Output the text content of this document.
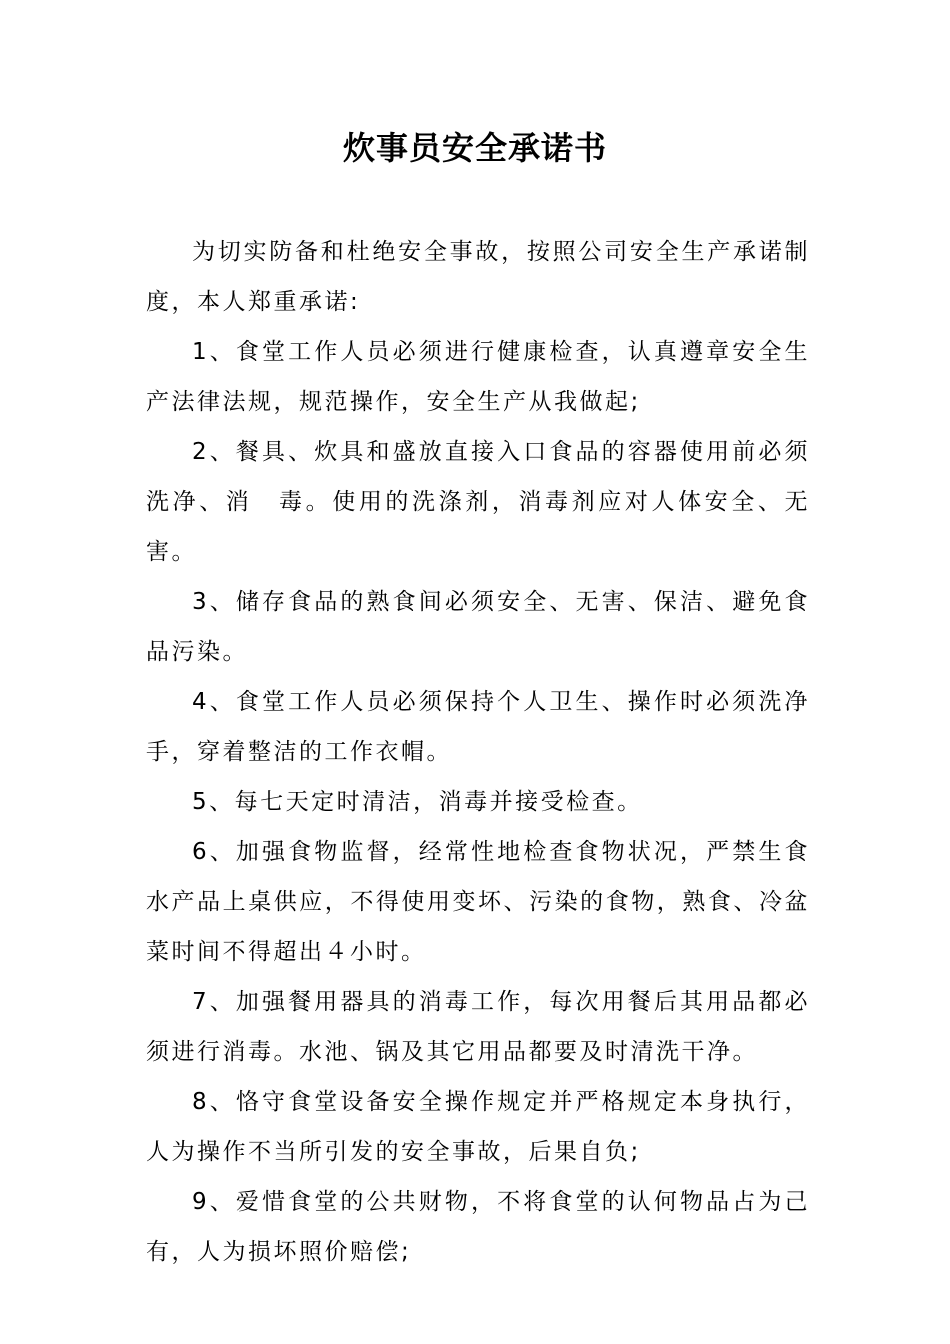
炊事员安全承诺书

为切实防备和杜绝安全事故，按照公司安全生产承诺制度，本人郑重承诺:

1、食堂工作人员必须进行健康检查，认真遵章安全生产法律法规，规范操作，安全生产从我做起;

2、餐具、炊具和盛放直接入口食品的容器使用前必须洗净、消　毒。使用的洗涤剂，消毒剂应对人体安全、无害。

3、储存食品的熟食间必须安全、无害、保洁、避免食品污染。

4、食堂工作人员必须保持个人卫生、操作时必须洗净手，穿着整洁的工作衣帽。

5、每七天定时清洁，消毒并接受检查。

6、加强食物监督，经常性地检查食物状况，严禁生食水产品上桌供应，不得使用变坏、污染的食物，熟食、冷盆菜时间不得超出４小时。

7、加强餐用器具的消毒工作，每次用餐后其用品都必须进行消毒。水池、锅及其它用品都要及时清洗干净。

8、恪守食堂设备安全操作规定并严格规定本身执行，人为操作不当所引发的安全事故，后果自负;

9、爱惜食堂的公共财物，不将食堂的认何物品占为己有，人为损坏照价赔偿;
